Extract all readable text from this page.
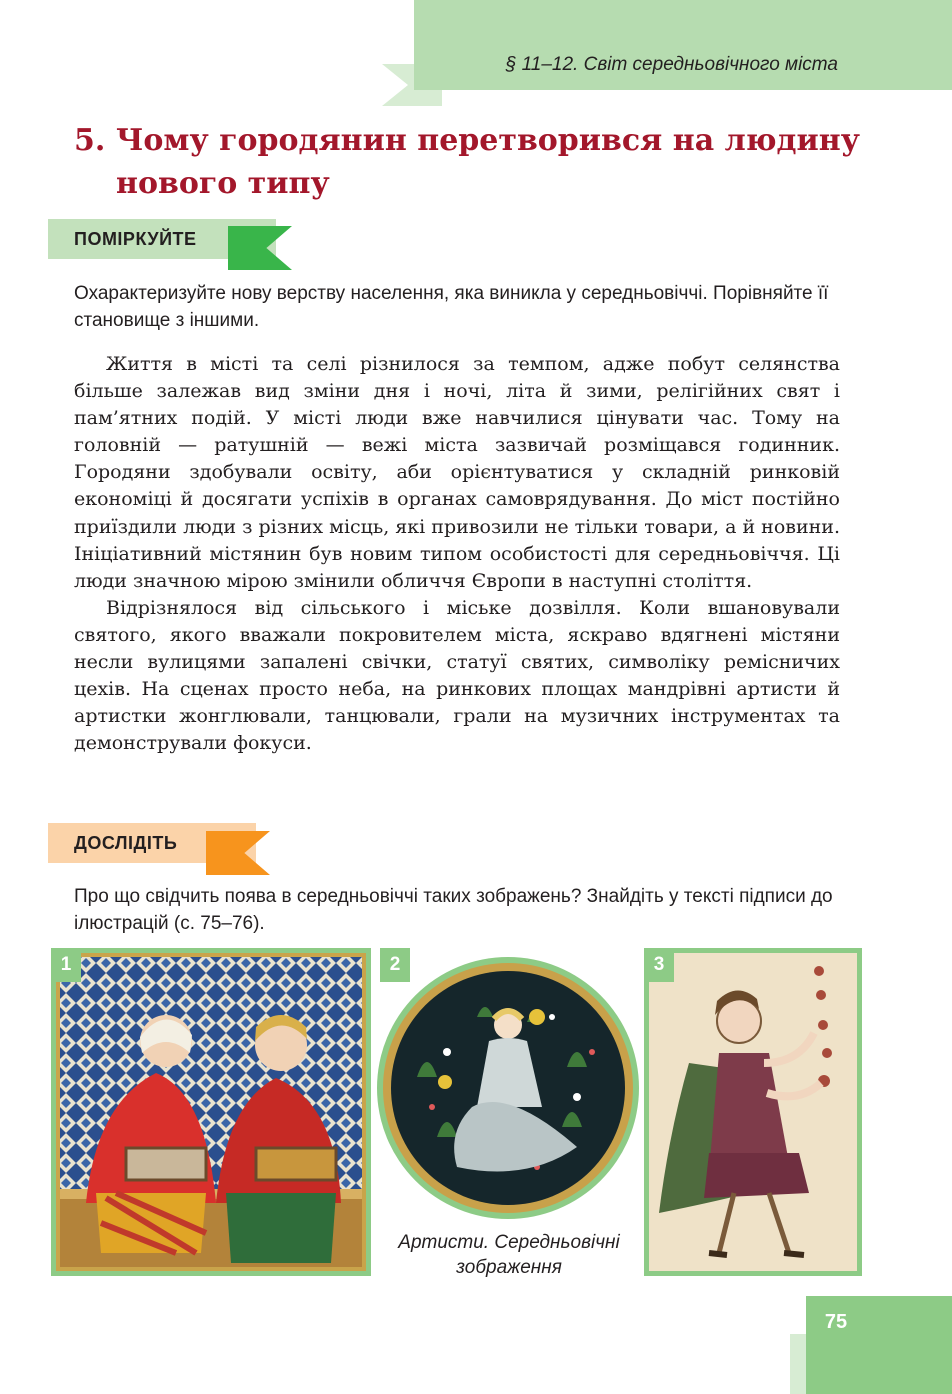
§ 11–12. Світ середньовічного міста
5. Чому городянин перетворився на людину
нового типу
ПОМІРКУЙТЕ

Охарактеризуйте нову верству населення, яка виникла у середньовіччі. Порівняйте її становище з іншими.

Життя в місті та селі різнилося за темпом, адже побут селянства більше залежав вид зміни дня і ночі, літа й зими, релігійних свят і пам’ятних подій. У місті люди вже навчилися цінувати час. Тому на головній — ратушній — вежі міста зазвичай розміщався годинник. Городяни здобували освіту, аби орієнтуватися у складній ринковій економіці й досягати успіхів в органах самоврядування. До міст постійно приїздили люди з різних місць, які привозили не тільки товари, а й новини. Ініціативний містянин був новим типом особистості для середньовіччя. Ці люди значною мірою змінили обличчя Європи в наступні століття.

Відрізнялося від сільського і міське дозвілля. Коли вшановували святого, якого вважали покровителем міста, яскраво вдягнені містяни несли вулицями запалені свічки, статуї святих, символіку ремісничих цехів. На сценах просто неба, на ринкових площах мандрівні артисти й артистки жонглювали, танцювали, грали на музичних інструментах та демонстрували фокуси.

ДОСЛІДІТЬ

Про що свідчить поява в середньовіччі таких зображень? Знайдіть у тексті підписи до ілюстрацій (с. 75–76).

1	2

Артисти. Середньовічні
зображення

3
75
